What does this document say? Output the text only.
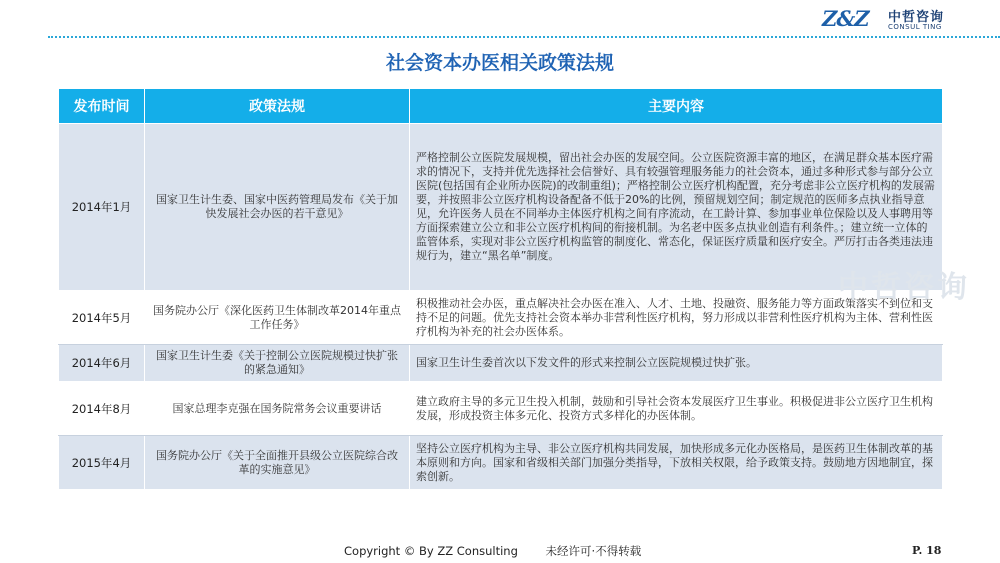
Z&Z 中哲咨询
CONSUL TING
社会资本办医相关政策法规
发布时间	政策法规	主要内容
2014年1月	国家卫生计生委、国家中医药管理局发布《关于加快发展社会办医的若干意见》	严格控制公立医院发展规模，留出社会办医的发展空间。公立医院资源丰富的地区，在满足群众基本医疗需求的情况下，支持并优先选择社会信誉好、具有较强管理服务能力的社会资本，通过多种形式参与部分公立医院(包括国有企业所办医院)的改制重组)；严格控制公立医疗机构配置，充分考虑非公立医疗机构的发展需要，并按照非公立医疗机构设备配备不低于20%的比例，预留规划空间；制定规范的医师多点执业指导意见，允许医务人员在不同举办主体医疗机构之间有序流动，在工龄计算、参加事业单位保险以及人事聘用等方面探索建立公立和非公立医疗机构间的衔接机制。为名老中医多点执业创造有利条件。；建立统一立体的监管体系，实现对非公立医疗机构监管的制度化、常态化，保证医疗质量和医疗安全。严厉打击各类违法违规行为，建立“黑名单”制度。
2014年5月	国务院办公厅《深化医药卫生体制改革2014年重点工作任务》	积极推动社会办医，重点解决社会办医在准入、人才、土地、投融资、服务能力等方面政策落实不到位和支持不足的问题。优先支持社会资本举办非营利性医疗机构，努力形成以非营利性医疗机构为主体、营利性医疗机构为补充的社会办医体系。
2014年6月	国家卫生计生委《关于控制公立医院规模过快扩张的紧急通知》	国家卫生计生委首次以下发文件的形式来控制公立医院规模过快扩张。
2014年8月	国家总理李克强在国务院常务会议重要讲话	建立政府主导的多元卫生投入机制，鼓励和引导社会资本发展医疗卫生事业。积极促进非公立医疗卫生机构发展，形成投资主体多元化、投资方式多样化的办医体制。
2015年4月	国务院办公厅《关于全面推开县级公立医院综合改革的实施意见》	坚持公立医疗机构为主导、非公立医疗机构共同发展，加快形成多元化办医格局，是医药卫生体制改革的基本原则和方向。国家和省级相关部门加强分类指导，下放相关权限，给予政策支持。鼓励地方因地制宜，探索创新。
中哲咨询
Copyright © By ZZ Consulting 未经许可·不得转载	P. 18
